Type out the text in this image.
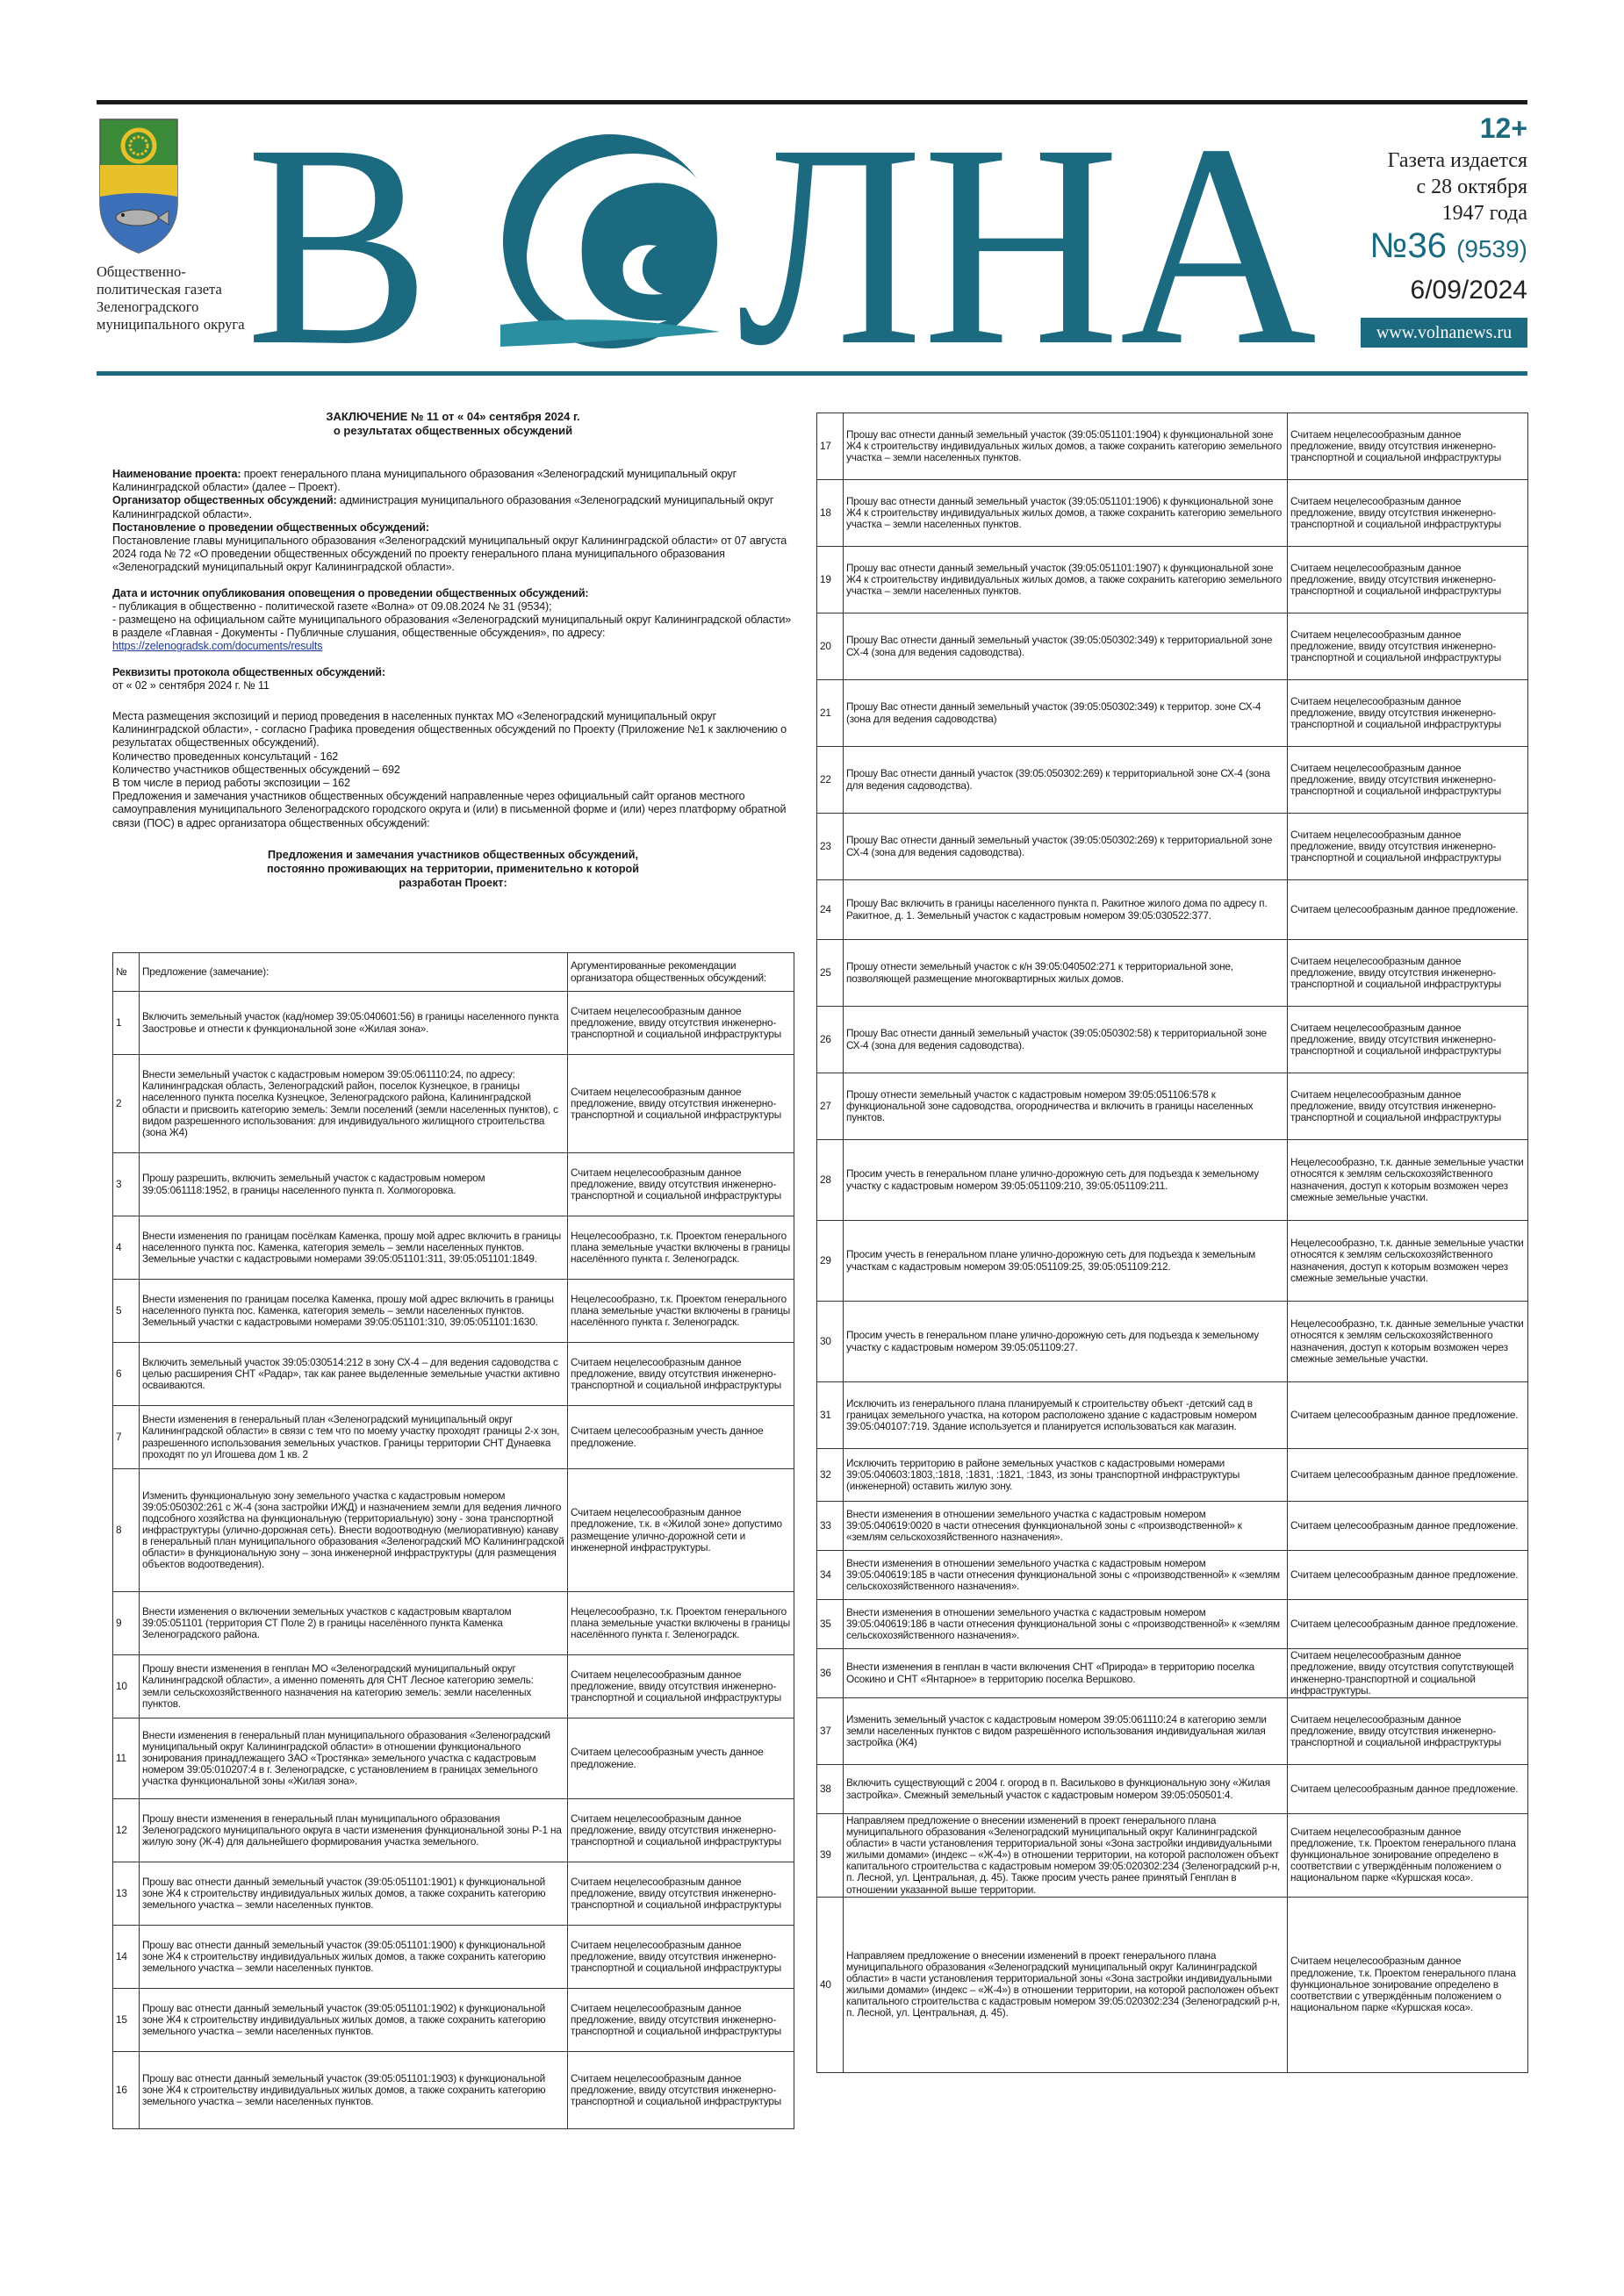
Общественно-политическая газета Зеленоградского муниципального округа В ЛНА	12+
Газета издается
с 28 октября
1947 года
№36 (9539)
6/09/2024
www.volnanews.ru
ЗАКЛЮЧЕНИЕ № 11 от « 04» сентября 2024 г.
о результатах общественных обсуждений
Наименование проекта: проект генерального плана муниципального образования «Зеленоградский муниципальный округ Калининградской области» (далее – Проект).
Организатор общественных обсуждений: администрация муниципального образования «Зеленоградский муниципальный округ Калининградской области».
Постановление о проведении общественных обсуждений:
Постановление главы муниципального образования «Зеленоградский муниципальный округ Калининградской области» от 07 августа 2024 года № 72 «О проведении общественных обсуждений по проекту генерального плана муниципального образования «Зеленоградский муниципальный округ Калининградской области».
Дата и источник опубликования оповещения о проведении общественных обсуждений:
- публикация в общественно - политической газете «Волна» от 09.08.2024 № 31 (9534);
- размещено на официальном сайте муниципального образования «Зеленоградский муниципальный округ Калининградской области» в разделе «Главная - Документы - Публичные слушания, общественные обсуждения», по адресу: https://zelenogradsk.com/documents/results
Реквизиты протокола общественных обсуждений:
от « 02 » сентября 2024 г. № 11
Места размещения экспозиций и период проведения в населенных пунктах МО «Зеленоградский муниципальный округ Калининградской области», - согласно Графика проведения общественных обсуждений по Проекту (Приложение №1 к заключению о результатах общественных обсуждений).
Количество проведенных консультаций - 162
Количество участников общественных обсуждений – 692
В том числе в период работы экспозиции – 162
Предложения и замечания участников общественных обсуждений направленные через официальный сайт органов местного самоуправления муниципального Зеленоградского городского округа и (или) в письменной форме и (или) через платформу обратной связи (ПОС) в адрес организатора общественных обсуждений:
Предложения и замечания участников общественных обсуждений, постоянно проживающих на территории, применительно к которой разработан Проект:
№	Предложение (замечание):	Аргументированные рекомендации организатора общественных обсуждений:
1	Включить земельный участок (кад/номер 39:05:040601:56) в границы населенного пункта Заостровье и отнести к функциональной зоне «Жилая зона».	Считаем нецелесообразным данное предложение, ввиду отсутствия инженерно-транспортной и социальной инфраструктуры
2	Внести земельный участок с кадастровым номером 39:05:061110:24, по адресу: Калининградская область, Зеленоградский район, поселок Кузнецкое, в границы населенного пункта поселка Кузнецкое, Зеленоградского района, Калининградской области и присвоить категорию земель: Земли поселений (земли населенных пунктов), с видом разрешенного использования: для индивидуального жилищного строительства (зона Ж4)	Считаем нецелесообразным данное предложение, ввиду отсутствия инженерно-транспортной и социальной инфраструктуры
3	Прошу разрешить, включить земельный участок с кадастровым номером 39:05:061118:1952, в границы населенного пункта п. Холмогоровка.	Считаем нецелесообразным данное предложение, ввиду отсутствия инженерно-транспортной и социальной инфраструктуры
4	Внести изменения по границам посёлкам Каменка, прошу мой адрес включить в границы населенного пункта пос. Каменка, категория земель – земли населенных пунктов. Земельные участки с кадастровыми номерами 39:05:051101:311, 39:05:051101:1849.	Нецелесообразно, т.к. Проектом генерального плана земельные участки включены в границы населённого пункта г. Зеленоградск.
5	Внести изменения по границам поселка Каменка, прошу мой адрес включить в границы населенного пункта пос. Каменка, категория земель – земли населенных пунктов. Земельный участки с кадастровыми номерами 39:05:051101:310, 39:05:051101:1630.	Нецелесообразно, т.к. Проектом генерального плана земельные участки включены в границы населённого пункта г. Зеленоградск.
6	Включить земельный участок 39:05:030514:212 в зону СХ-4 – для ведения садоводства с целью расширения СНТ «Радар», так как ранее выделенные земельные участки активно осваиваются.	Считаем нецелесообразным данное предложение, ввиду отсутствия инженерно-транспортной и социальной инфраструктуры
7	Внести изменения в генеральный план «Зеленоградский муниципальный округ Калининградской области» в связи с тем что по моему участку проходят границы 2-х зон, разрешенного использования земельных участков. Границы территории СНТ Дунаевка проходят по ул Игошева дом 1 кв. 2	Считаем целесообразным учесть данное предложение.
8	Изменить функциональную зону земельного участка с кадастровым номером 39:05:050302:261 с Ж-4 (зона застройки ИЖД) и назначением земли для ведения личного подсобного хозяйства на функциональную (территориальную) зону - зона транспортной инфраструктуры (улично-дорожная сеть). Внести водоотводную (мелиоративную) канаву в генеральный план муниципального образования «Зеленоградский МО Калининградской области» в функциональную зону – зона инженерной инфраструктуры (для размещения объектов водоотведения).	Считаем нецелесообразным данное предложение, т.к. в «Жилой зоне» допустимо размещение улично-дорожной сети и инженерной инфраструктуры.
9	Внести изменения о включении земельных участков с кадастровым кварталом 39:05:051101 (территория СТ Поле 2) в границы населённого пункта Каменка Зеленоградского района.	Нецелесообразно, т.к. Проектом генерального плана земельные участки включены в границы населённого пункта г. Зеленоградск.
10	Прошу внести изменения в генплан МО «Зеленоградский муниципальный округ Калининградской области», а именно поменять для СНТ Лесное категорию земель: земли сельскохозяйственного назначения на категорию земель: земли населенных пунктов.	Считаем нецелесообразным данное предложение, ввиду отсутствия инженерно-транспортной и социальной инфраструктуры
11	Внести изменения в генеральный план муниципального образования «Зеленоградский муниципальный округ Калининградской области» в отношении функционального зонирования принадлежащего ЗАО «Тростянка» земельного участка с кадастровым номером 39:05:010207:4 в г. Зеленоградске, с установлением в границах земельного участка функциональной зоны «Жилая зона».	Считаем целесообразным учесть данное предложение.
12	Прошу внести изменения в генеральный план муниципального образования Зеленоградского муниципального округа в части изменения функциональной зоны Р-1 на жилую зону (Ж-4) для дальнейшего формирования участка земельного.	Считаем нецелесообразным данное предложение, ввиду отсутствия инженерно-транспортной и социальной инфраструктуры
13	Прошу вас отнести данный земельный участок (39:05:051101:1901) к функциональной зоне Ж4 к строительству индивидуальных жилых домов, а также сохранить категорию земельного участка – земли населенных пунктов.	Считаем нецелесообразным данное предложение, ввиду отсутствия инженерно-транспортной и социальной инфраструктуры
14	Прошу вас отнести данный земельный участок (39:05:051101:1900) к функциональной зоне Ж4 к строительству индивидуальных жилых домов, а также сохранить категорию земельного участка – земли населенных пунктов.	Считаем нецелесообразным данное предложение, ввиду отсутствия инженерно-транспортной и социальной инфраструктуры
15	Прошу вас отнести данный земельный участок (39:05:051101:1902) к функциональной зоне Ж4 к строительству индивидуальных жилых домов, а также сохранить категорию земельного участка – земли населенных пунктов.	Считаем нецелесообразным данное предложение, ввиду отсутствия инженерно-транспортной и социальной инфраструктуры
16	Прошу вас отнести данный земельный участок (39:05:051101:1903) к функциональной зоне Ж4 к строительству индивидуальных жилых домов, а также сохранить категорию земельного участка – земли населенных пунктов.	Считаем нецелесообразным данное предложение, ввиду отсутствия инженерно-транспортной и социальной инфраструктуры
17	Прошу вас отнести данный земельный участок (39:05:051101:1904) к функциональной зоне Ж4 к строительству индивидуальных жилых домов, а также сохранить категорию земельного участка – земли населенных пунктов.	Считаем нецелесообразным данное предложение, ввиду отсутствия инженерно-транспортной и социальной инфраструктуры
18	Прошу вас отнести данный земельный участок (39:05:051101:1906) к функциональной зоне Ж4 к строительству индивидуальных жилых домов, а также сохранить категорию земельного участка – земли населенных пунктов.	Считаем нецелесообразным данное предложение, ввиду отсутствия инженерно-транспортной и социальной инфраструктуры
19	Прошу вас отнести данный земельный участок (39:05:051101:1907) к функциональной зоне Ж4 к строительству индивидуальных жилых домов, а также сохранить категорию земельного участка – земли населенных пунктов.	Считаем нецелесообразным данное предложение, ввиду отсутствия инженерно-транспортной и социальной инфраструктуры
20	Прошу Вас отнести данный земельный участок (39:05:050302:349) к территориальной зоне СХ-4 (зона для ведения садоводства).	Считаем нецелесообразным данное предложение, ввиду отсутствия инженерно-транспортной и социальной инфраструктуры
21	Прошу Вас отнести данный земельный участок (39:05:050302:349) к территор. зоне СХ-4 (зона для ведения садоводства)	Считаем нецелесообразным данное предложение, ввиду отсутствия инженерно-транспортной и социальной инфраструктуры
22	Прошу Вас отнести данный участок (39:05:050302:269) к территориальной зоне СХ-4 (зона для ведения садоводства).	Считаем нецелесообразным данное предложение, ввиду отсутствия инженерно-транспортной и социальной инфраструктуры
23	Прошу Вас отнести данный земельный участок (39:05:050302:269) к территориальной зоне СХ-4 (зона для ведения садоводства).	Считаем нецелесообразным данное предложение, ввиду отсутствия инженерно-транспортной и социальной инфраструктуры
24	Прошу Вас включить в границы населенного пункта п. Ракитное жилого дома по адресу п. Ракитное, д. 1. Земельный участок с кадастровым номером 39:05:030522:377.	Считаем целесообразным данное предложение.
25	Прошу отнести земельный участок с к/н 39:05:040502:271 к территориальной зоне, позволяющей размещение многоквартирных жилых домов.	Считаем нецелесообразным данное предложение, ввиду отсутствия инженерно-транспортной и социальной инфраструктуры
26	Прошу Вас отнести данный земельный участок (39:05:050302:58) к территориальной зоне СХ-4 (зона для ведения садоводства).	Считаем нецелесообразным данное предложение, ввиду отсутствия инженерно-транспортной и социальной инфраструктуры
27	Прошу отнести земельный участок с кадастровым номером 39:05:051106:578 к функциональной зоне садоводства, огородничества и включить в границы населенных пунктов.	Считаем нецелесообразным данное предложение, ввиду отсутствия инженерно-транспортной и социальной инфраструктуры
28	Просим учесть в генеральном плане улично-дорожную сеть для подъезда к земельному участку с кадастровым номером 39:05:051109:210, 39:05:051109:211.	Нецелесообразно, т.к. данные земельные участки относятся к землям сельскохозяйственного назначения, доступ к которым возможен через смежные земельные участки.
29	Просим учесть в генеральном плане улично-дорожную сеть для подъезда к земельным участкам с кадастровым номером 39:05:051109:25, 39:05:051109:212.	Нецелесообразно, т.к. данные земельные участки относятся к землям сельскохозяйственного назначения, доступ к которым возможен через смежные земельные участки.
30	Просим учесть в генеральном плане улично-дорожную сеть для подъезда к земельному участку с кадастровым номером 39:05:051109:27.	Нецелесообразно, т.к. данные земельные участки относятся к землям сельскохозяйственного назначения, доступ к которым возможен через смежные земельные участки.
31	Исключить из генерального плана планируемый к строительству объект -детский сад в границах земельного участка, на котором расположено здание с кадастровым номером 39:05:040107:719. Здание используется и планируется использоваться как магазин.	Считаем целесообразным данное предложение.
32	Исключить территорию в районе земельных участков с кадастровыми номерами 39:05:040603:1803,:1818, :1831, :1821, :1843, из зоны транспортной инфраструктуры (инженерной) оставить жилую зону.	Считаем целесообразным данное предложение.
33	Внести изменения в отношении земельного участка с кадастровым номером 39:05:040619:0020 в части отнесения функциональной зоны с «производственной» к «землям сельскохозяйственного назначения».	Считаем целесообразным данное предложение.
34	Внести изменения в отношении земельного участка с кадастровым номером 39:05:040619:185 в части отнесения функциональной зоны с «производственной» к «землям сельскохозяйственного назначения».	Считаем целесообразным данное предложение.
35	Внести изменения в отношении земельного участка с кадастровым номером 39:05:040619:186 в части отнесения функциональной зоны с «производственной» к «землям сельскохозяйственного назначения».	Считаем целесообразным данное предложение.
36	Внести изменения в генплан в части включения СНТ «Природа» в территорию поселка Осокино и СНТ «Янтарное» в территорию поселка Вершково.	Считаем нецелесообразным данное предложение, ввиду отсутствия сопутствующей инженерно-транспортной и социальной инфраструктуры.
37	Изменить земельный участок с кадастровым номером 39:05:061110:24 в категорию земли земли населенных пунктов с видом разрешённого использования индивидуальная жилая застройка (Ж4)	Считаем нецелесообразным данное предложение, ввиду отсутствия инженерно-транспортной и социальной инфраструктуры
38	Включить существующий с 2004 г. огород в п. Васильково в функциональную зону «Жилая застройка». Смежный земельный участок с кадастровым номером 39:05:050501:4.	Считаем целесообразным данное предложение.
39	Направляем предложение о внесении изменений в проект генерального плана муниципального образования «Зеленоградский муниципальный округ Калининградской области» в части установления территориальной зоны «Зона застройки индивидуальными жилыми домами» (индекс – «Ж-4») в отношении территории, на которой расположен объект капитального строительства с кадастровым номером 39:05:020302:234 (Зеленоградский р-н, п. Лесной, ул. Центральная, д. 45). Также просим учесть ранее принятый Генплан в отношении указанной выше территории.	Считаем нецелесообразным данное предложение, т.к. Проектом генерального плана функциональное зонирование определено в соответствии с утверждённым положением о национальном парке «Куршская коса».
40	Направляем предложение о внесении изменений в проект генерального плана муниципального образования «Зеленоградский муниципальный округ Калининградской области» в части установления территориальной зоны «Зона застройки индивидуальными жилыми домами» (индекс – «Ж-4») в отношении территории, на которой расположен объект капитального строительства с кадастровым номером 39:05:020302:234 (Зеленоградский р-н, п. Лесной, ул. Центральная, д. 45).	Считаем нецелесообразным данное предложение, т.к. Проектом генерального плана функциональное зонирование определено в соответствии с утверждённым положением о национальном парке «Куршская коса».
